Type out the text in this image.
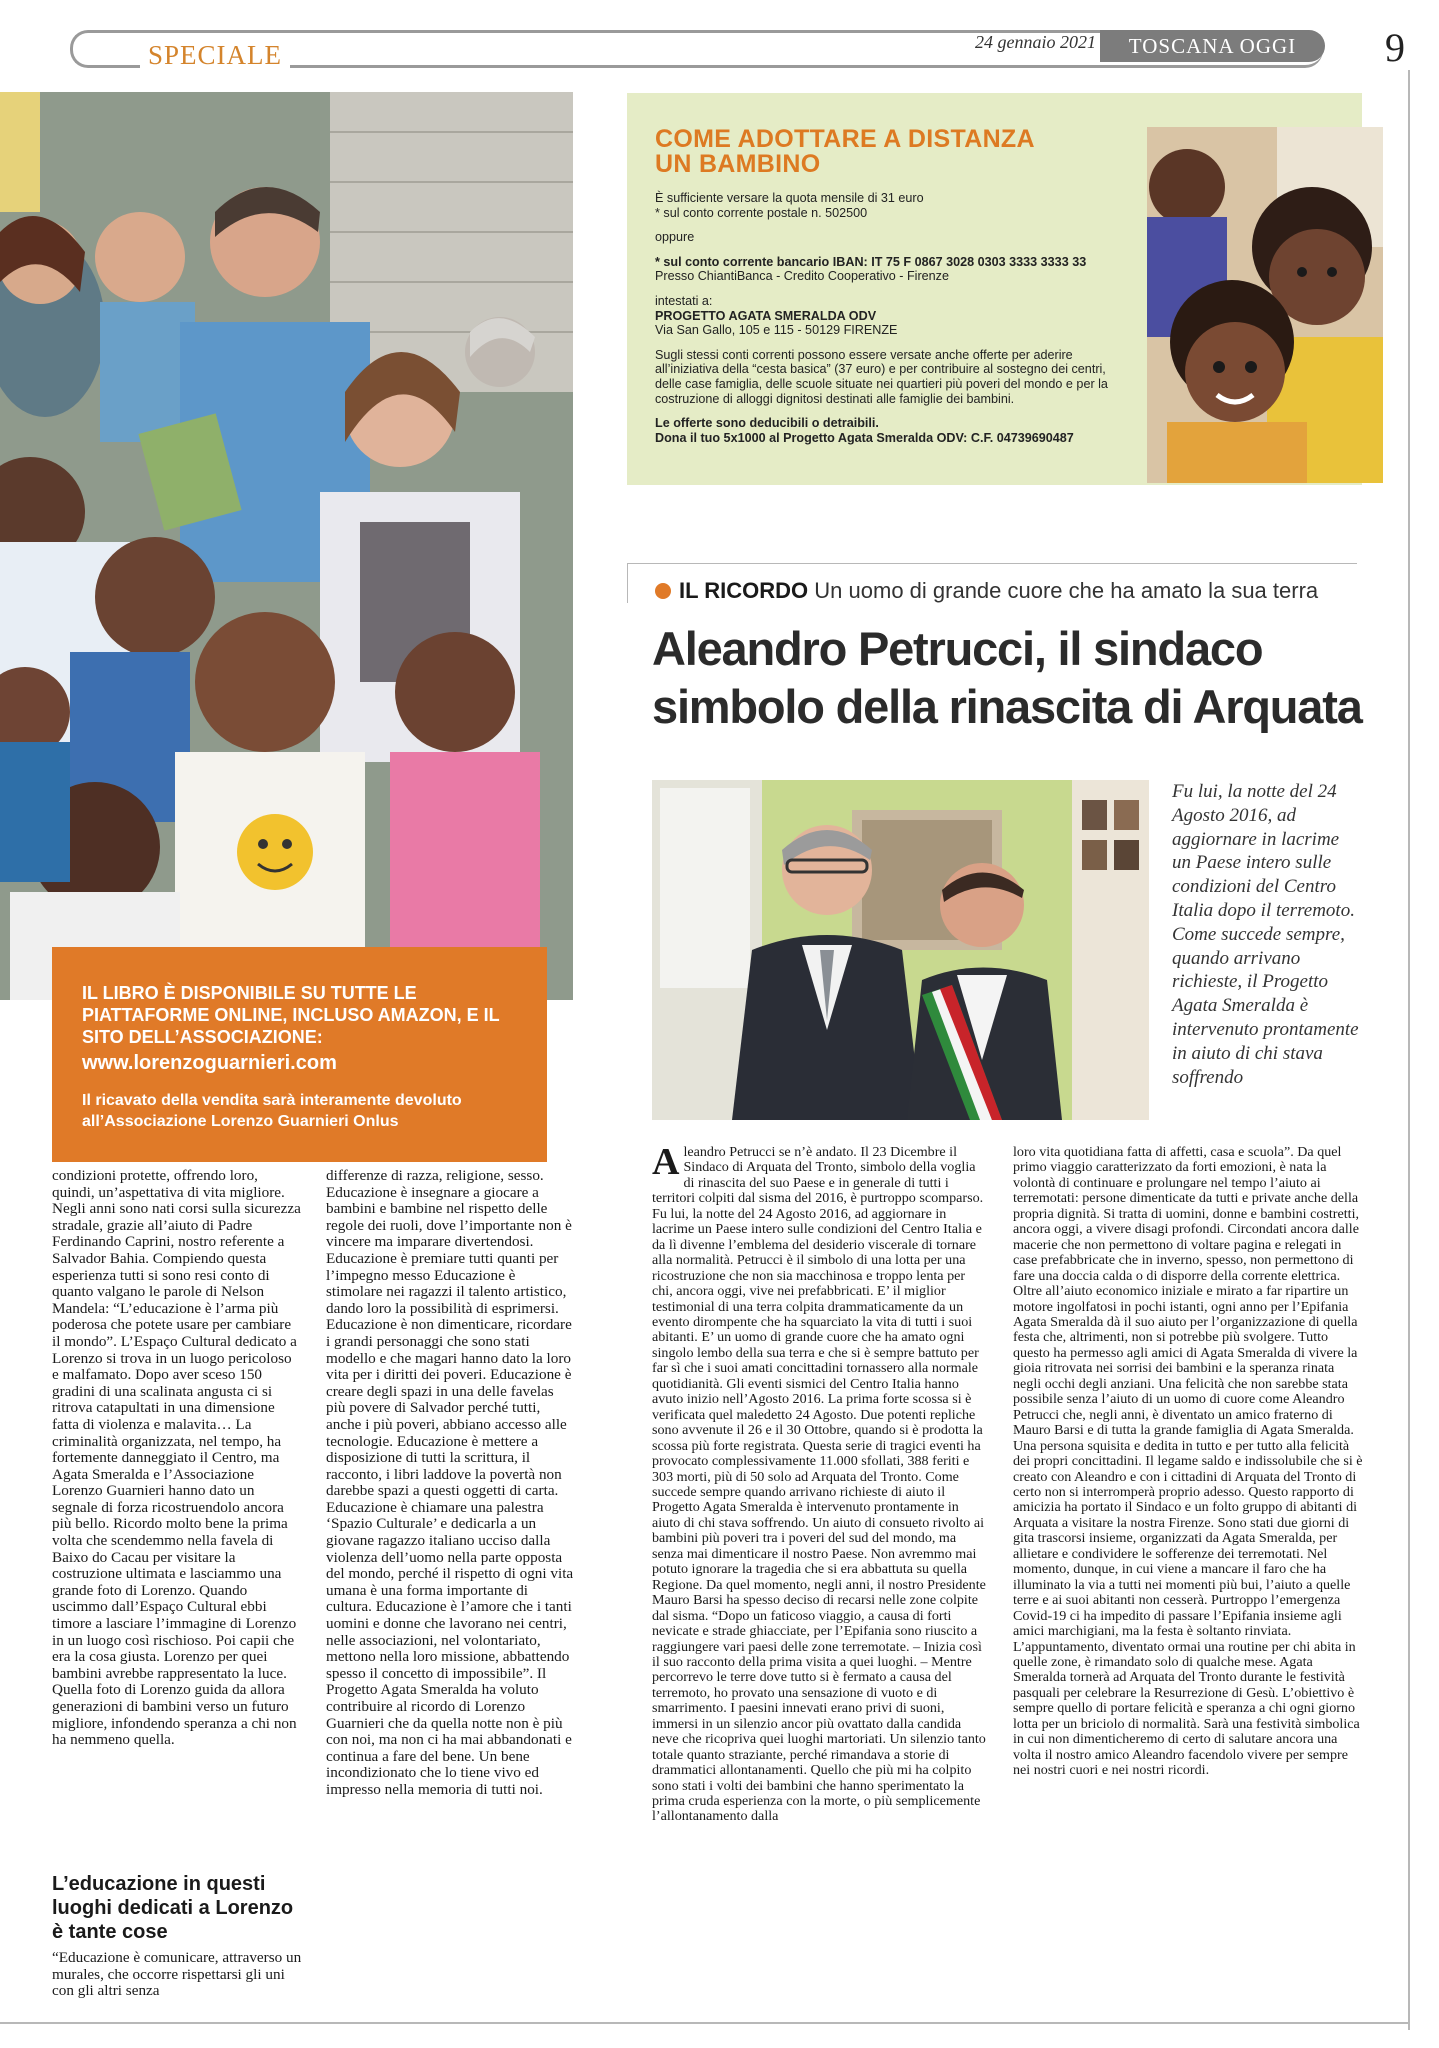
SPECIALE	24 gennaio 2021	TOSCANA OGGI	9
IL LIBRO È DISPONIBILE SU TUTTE LE PIATTAFORME ONLINE, INCLUSO AMAZON, E IL SITO DELL’ASSOCIAZIONE:
www.lorenzoguarnieri.com
Il ricavato della vendita sarà interamente devoluto all’Associazione Lorenzo Guarnieri Onlus

condizioni protette, offrendo loro, quindi, un’aspettativa di vita migliore. Negli anni sono nati corsi sulla sicurezza stradale, grazie all’aiuto di Padre Ferdinando Caprini, nostro referente a Salvador Bahia. Compiendo questa esperienza tutti si sono resi conto di quanto valgano le parole di Nelson Mandela: “L’educazione è l’arma più poderosa che potete usare per cambiare il mondo”. L’Espaço Cultural dedicato a Lorenzo si trova in un luogo pericoloso e malfamato. Dopo aver sceso 150 gradini di una scalinata angusta ci si ritrova catapultati in una dimensione fatta di violenza e malavita… La criminalità organizzata, nel tempo, ha fortemente danneggiato il Centro, ma Agata Smeralda e l’Associazione Lorenzo Guarnieri hanno dato un segnale di forza ricostruendolo ancora più bello. Ricordo molto bene la prima volta che scendemmo nella favela di Baixo do Cacau per visitare la costruzione ultimata e lasciammo una grande foto di Lorenzo. Quando uscimmo dall’Espaço Cultural ebbi timore a lasciare l’immagine di Lorenzo in un luogo così rischioso. Poi capii che era la cosa giusta. Lorenzo per quei bambini avrebbe rappresentato la luce. Quella foto di Lorenzo guida da allora generazioni di bambini verso un futuro migliore, infondendo speranza a chi non ha nemmeno quella.

L’educazione in questi luoghi dedicati a Lorenzo è tante cose

“Educazione è comunicare, attraverso un murales, che occorre rispettarsi gli uni con gli altri senza

differenze di razza, religione, sesso. Educazione è insegnare a giocare a bambini e bambine nel rispetto delle regole dei ruoli, dove l’importante non è vincere ma imparare divertendosi. Educazione è premiare tutti quanti per l’impegno messo Educazione è stimolare nei ragazzi il talento artistico, dando loro la possibilità di esprimersi. Educazione è non dimenticare, ricordare i grandi personaggi che sono stati modello e che magari hanno dato la loro vita per i diritti dei poveri. Educazione è creare degli spazi in una delle favelas più povere di Salvador perché tutti, anche i più poveri, abbiano accesso alle tecnologie. Educazione è mettere a disposizione di tutti la scrittura, il racconto, i libri laddove la povertà non darebbe spazi a questi oggetti di carta. Educazione è chiamare una palestra ‘Spazio Culturale’ e dedicarla a un giovane ragazzo italiano ucciso dalla violenza dell’uomo nella parte opposta del mondo, perché il rispetto di ogni vita umana è una forma importante di cultura. Educazione è l’amore che i tanti uomini e donne che lavorano nei centri, nelle associazioni, nel volontariato, mettono nella loro missione, abbattendo spesso il concetto di impossibile”. Il Progetto Agata Smeralda ha voluto contribuire al ricordo di Lorenzo Guarnieri che da quella notte non è più con noi, ma non ci ha mai abbandonati e continua a fare del bene. Un bene incondizionato che lo tiene vivo ed impresso nella memoria di tutti noi.

COME ADOTTARE A DISTANZA UN BAMBINO

È sufficiente versare la quota mensile di 31 euro
* sul conto corrente postale n. 502500

oppure

* sul conto corrente bancario IBAN: IT 75 F 0867 3028 0303 3333 3333 33
Presso ChiantiBanca - Credito Cooperativo - Firenze

intestati a:
PROGETTO AGATA SMERALDA ODV
Via San Gallo, 105 e 115 - 50129 FIRENZE

Sugli stessi conti correnti possono essere versate anche offerte per aderire all’iniziativa della “cesta basica” (37 euro) e per contribuire al sostegno dei centri, delle case famiglia, delle scuole situate nei quartieri più poveri del mondo e per la costruzione di alloggi dignitosi destinati alle famiglie dei bambini.

Le offerte sono deducibili o detraibili.
Dona il tuo 5x1000 al Progetto Agata Smeralda ODV: C.F. 04739690487

IL RICORDO Un uomo di grande cuore che ha amato la sua terra
Aleandro Petrucci, il sindaco simbolo della rinascita di Arquata
Fu lui, la notte del 24 Agosto 2016, ad aggiornare in lacrime un Paese intero sulle condizioni del Centro Italia dopo il terremoto. Come succede sempre, quando arrivano richieste, il Progetto Agata Smeralda è intervenuto prontamente in aiuto di chi stava soffrendo

Aleandro Petrucci se n’è andato. Il 23 Dicembre il Sindaco di Arquata del Tronto, simbolo della voglia di rinascita del suo Paese e in generale di tutti i territori colpiti dal sisma del 2016, è purtroppo scomparso. Fu lui, la notte del 24 Agosto 2016, ad aggiornare in lacrime un Paese intero sulle condizioni del Centro Italia e da lì divenne l’emblema del desiderio viscerale di tornare alla normalità. Petrucci è il simbolo di una lotta per una ricostruzione che non sia macchinosa e troppo lenta per chi, ancora oggi, vive nei prefabbricati. E’ il miglior testimonial di una terra colpita drammaticamente da un evento dirompente che ha squarciato la vita di tutti i suoi abitanti. E’ un uomo di grande cuore che ha amato ogni singolo lembo della sua terra e che si è sempre battuto per far sì che i suoi amati concittadini tornassero alla normale quotidianità. Gli eventi sismici del Centro Italia hanno avuto inizio nell’Agosto 2016. La prima forte scossa si è verificata quel maledetto 24 Agosto. Due potenti repliche sono avvenute il 26 e il 30 Ottobre, quando si è prodotta la scossa più forte registrata. Questa serie di tragici eventi ha provocato complessivamente 11.000 sfollati, 388 feriti e 303 morti, più di 50 solo ad Arquata del Tronto. Come succede sempre quando arrivano richieste di aiuto il Progetto Agata Smeralda è intervenuto prontamente in aiuto di chi stava soffrendo. Un aiuto di consueto rivolto ai bambini più poveri tra i poveri del sud del mondo, ma senza mai dimenticare il nostro Paese. Non avremmo mai potuto ignorare la tragedia che si era abbattuta su quella Regione. Da quel momento, negli anni, il nostro Presidente Mauro Barsi ha spesso deciso di recarsi nelle zone colpite dal sisma. “Dopo un faticoso viaggio, a causa di forti nevicate e strade ghiacciate, per l’Epifania sono riuscito a raggiungere vari paesi delle zone terremotate. – Inizia così il suo racconto della prima visita a quei luoghi. – Mentre percorrevo le terre dove tutto si è fermato a causa del terremoto, ho provato una sensazione di vuoto e di smarrimento. I paesini innevati erano privi di suoni, immersi in un silenzio ancor più ovattato dalla candida neve che ricopriva quei luoghi martoriati. Un silenzio tanto totale quanto straziante, perché rimandava a storie di drammatici allontanamenti. Quello che più mi ha colpito sono stati i volti dei bambini che hanno sperimentato la prima cruda esperienza con la morte, o più semplicemente l’allontanamento dalla

loro vita quotidiana fatta di affetti, casa e scuola”. Da quel primo viaggio caratterizzato da forti emozioni, è nata la volontà di continuare e prolungare nel tempo l’aiuto ai terremotati: persone dimenticate da tutti e private anche della propria dignità. Si tratta di uomini, donne e bambini costretti, ancora oggi, a vivere disagi profondi. Circondati ancora dalle macerie che non permettono di voltare pagina e relegati in case prefabbricate che in inverno, spesso, non permettono di fare una doccia calda o di disporre della corrente elettrica. Oltre all’aiuto economico iniziale e mirato a far ripartire un motore ingolfatosi in pochi istanti, ogni anno per l’Epifania Agata Smeralda dà il suo aiuto per l’organizzazione di quella festa che, altrimenti, non si potrebbe più svolgere. Tutto questo ha permesso agli amici di Agata Smeralda di vivere la gioia ritrovata nei sorrisi dei bambini e la speranza rinata negli occhi degli anziani. Una felicità che non sarebbe stata possibile senza l’aiuto di un uomo di cuore come Aleandro Petrucci che, negli anni, è diventato un amico fraterno di Mauro Barsi e di tutta la grande famiglia di Agata Smeralda. Una persona squisita e dedita in tutto e per tutto alla felicità dei propri concittadini. Il legame saldo e indissolubile che si è creato con Aleandro e con i cittadini di Arquata del Tronto di certo non si interromperà proprio adesso. Questo rapporto di amicizia ha portato il Sindaco e un folto gruppo di abitanti di Arquata a visitare la nostra Firenze. Sono stati due giorni di gita trascorsi insieme, organizzati da Agata Smeralda, per allietare e condividere le sofferenze dei terremotati. Nel momento, dunque, in cui viene a mancare il faro che ha illuminato la via a tutti nei momenti più bui, l’aiuto a quelle terre e ai suoi abitanti non cesserà. Purtroppo l’emergenza Covid-19 ci ha impedito di passare l’Epifania insieme agli amici marchigiani, ma la festa è soltanto rinviata. L’appuntamento, diventato ormai una routine per chi abita in quelle zone, è rimandato solo di qualche mese. Agata Smeralda tornerà ad Arquata del Tronto durante le festività pasquali per celebrare la Resurrezione di Gesù. L’obiettivo è sempre quello di portare felicità e speranza a chi ogni giorno lotta per un briciolo di normalità. Sarà una festività simbolica in cui non dimenticheremo di certo di salutare ancora una volta il nostro amico Aleandro facendolo vivere per sempre nei nostri cuori e nei nostri ricordi.
